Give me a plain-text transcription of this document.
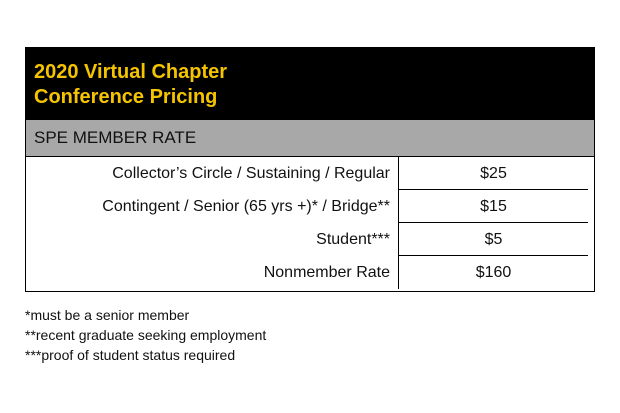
2020 Virtual Chapter
Conference Pricing
SPE MEMBER RATE
Collector’s Circle / Sustaining / Regular	$25
Contingent / Senior (65 yrs +)* / Bridge**	$15
Student***	$5
Nonmember Rate	$160
*must be a senior member
**recent graduate seeking employment
***proof of student status required
